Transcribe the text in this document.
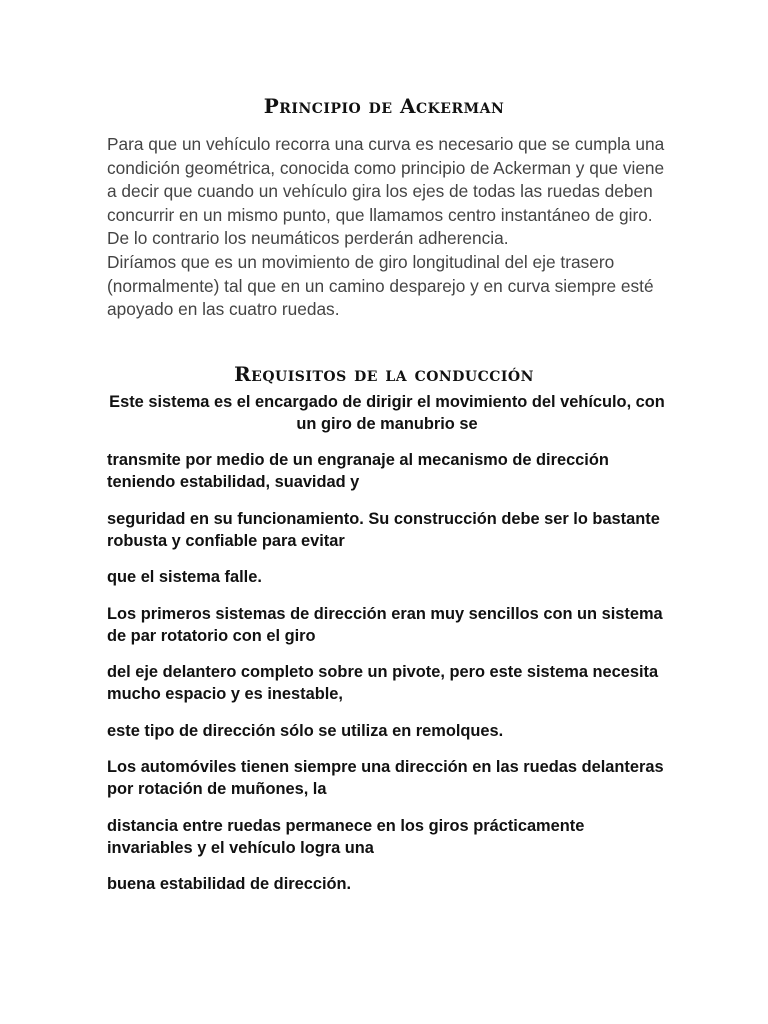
Principio de Ackerman

Para que un vehículo recorra una curva es necesario que se cumpla una condición geométrica, conocida como principio de Ackerman y que viene a decir que cuando un vehículo gira los ejes de todas las ruedas deben concurrir en un mismo punto, que llamamos centro instantáneo de giro.

De lo contrario los neumáticos perderán adherencia.

Diríamos que es un movimiento de giro longitudinal del eje trasero (normalmente) tal que en un camino desparejo y en curva siempre esté apoyado en las cuatro ruedas.

Requisitos de la conducción

Este sistema es el encargado de dirigir el movimiento del vehículo, con un giro de manubrio se

transmite por medio de un engranaje al mecanismo de dirección teniendo estabilidad, suavidad y

seguridad en su funcionamiento. Su construcción debe ser lo bastante robusta y confiable para evitar

que el sistema falle.

Los primeros sistemas de dirección eran muy sencillos con un sistema de par rotatorio con el giro

del eje delantero completo sobre un pivote, pero este sistema necesita mucho espacio y es inestable,

este tipo de dirección sólo se utiliza en remolques.

Los automóviles tienen siempre una dirección en las ruedas delanteras por rotación de muñones, la

distancia entre ruedas permanece en los giros prácticamente invariables y el vehículo logra una

buena estabilidad de dirección.
